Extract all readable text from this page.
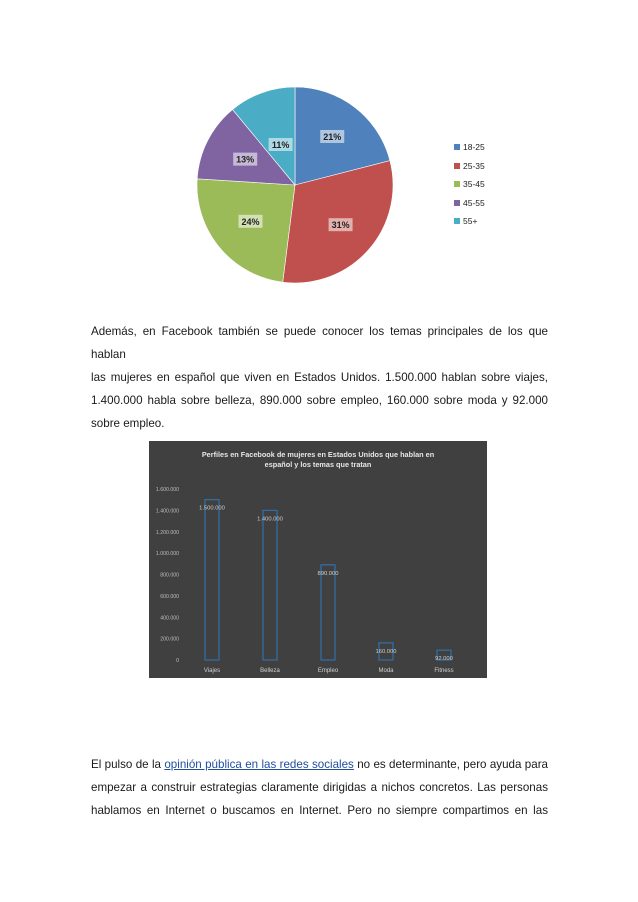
21%
31%
24%
13%
11%	18-25
25-35
35-45
45-55
55+
Además, en Facebook también se puede conocer los temas principales de los que hablan
las mujeres en español que viven en Estados Unidos. 1.500.000 hablan sobre viajes,
1.400.000 habla sobre belleza, 890.000 sobre empleo, 160.000 sobre moda y 92.000
sobre empleo.
Perfiles en Facebook de mujeres en Estados Unidos que hablan en
español y los temas que tratan
0
200.000
400.000
600.000
800.000
1.000.000
1.200.000
1.400.000
1.600.000
1.500.000
Viajes
1.400.000
Belleza
890.000
Empleo
160.000
Moda
92.000
Fitness
El pulso de la opinión pública en las redes sociales no es determinante, pero ayuda para
empezar a construir estrategias claramente dirigidas a nichos concretos. Las personas
hablamos en Internet o buscamos en Internet. Pero no siempre compartimos en las
